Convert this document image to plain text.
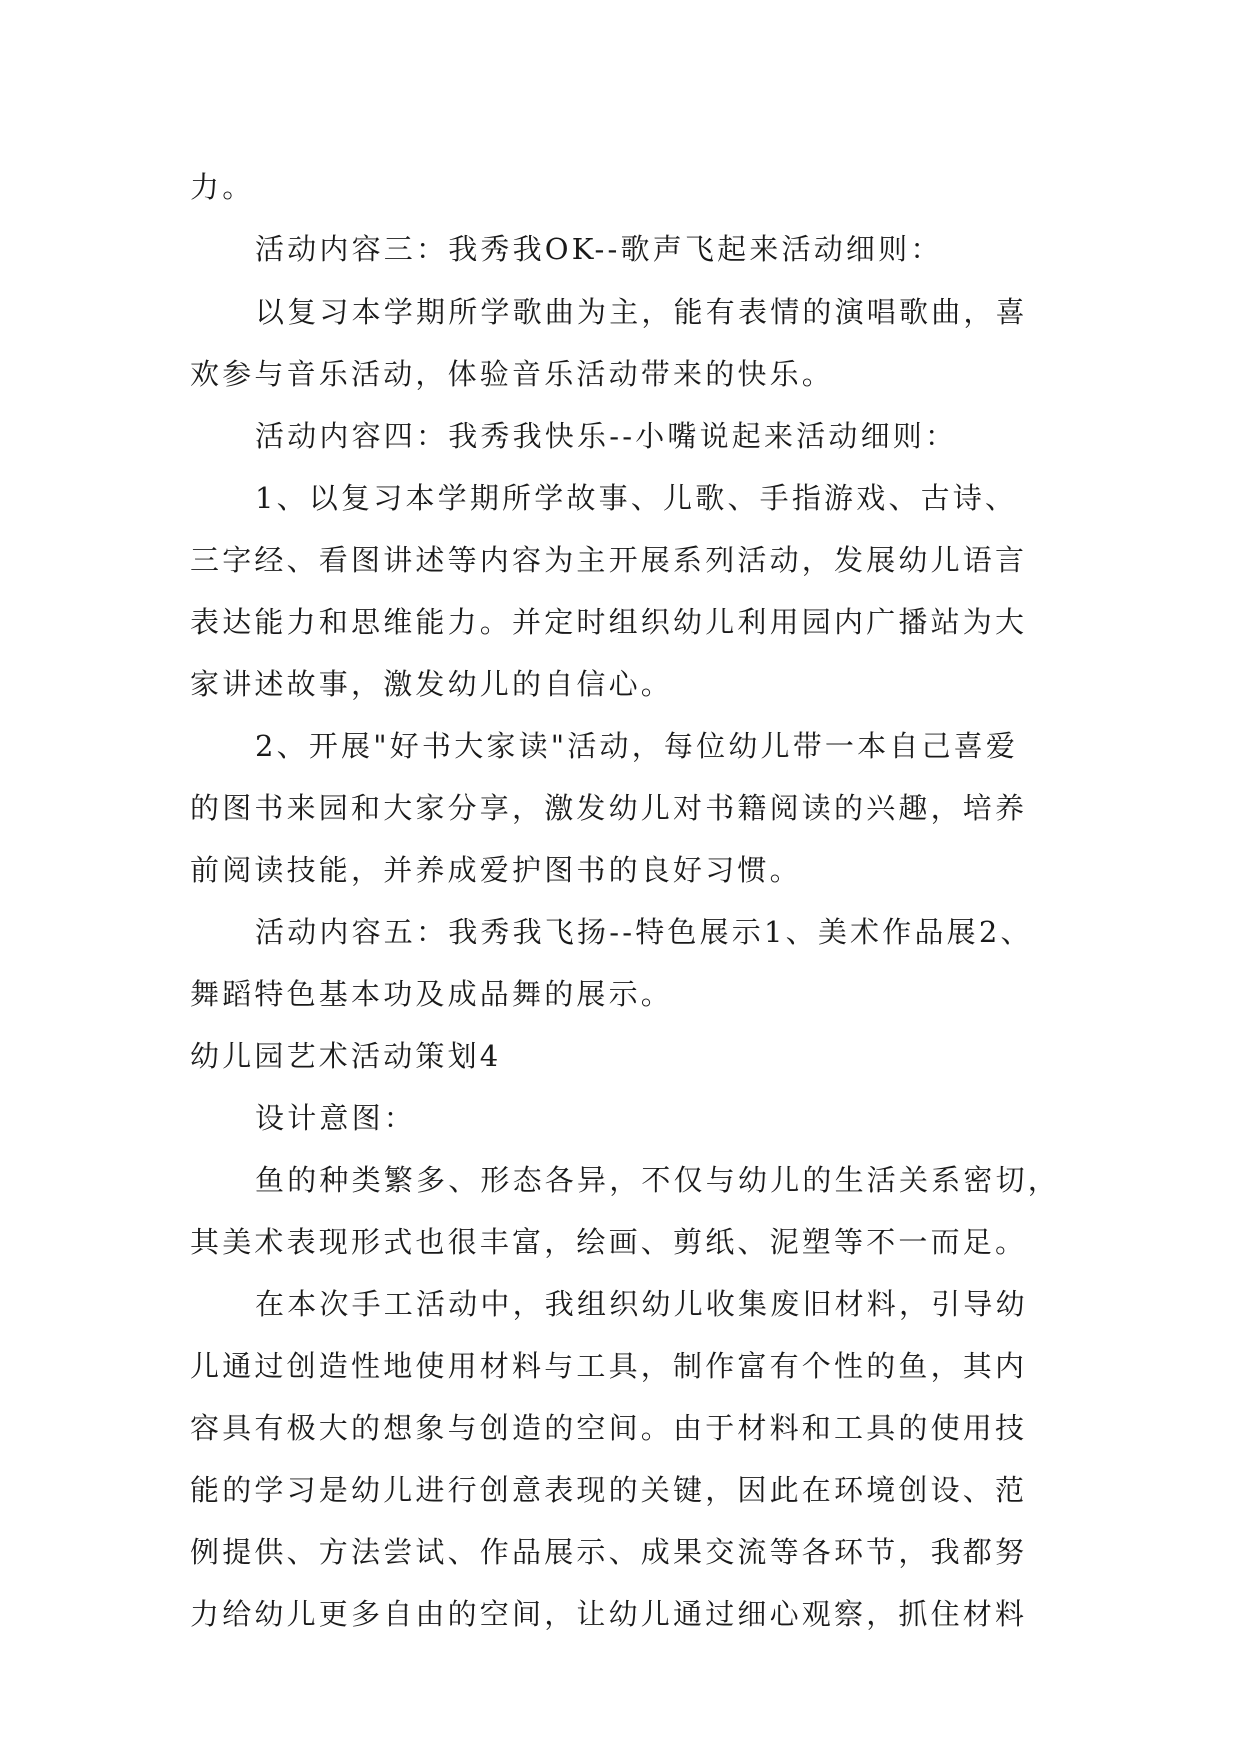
力。
活动内容三：我秀我OK--歌声飞起来活动细则：
以复习本学期所学歌曲为主，能有表情的演唱歌曲，喜
欢参与音乐活动，体验音乐活动带来的快乐。
活动内容四：我秀我快乐--小嘴说起来活动细则：
1、以复习本学期所学故事、儿歌、手指游戏、古诗、
三字经、看图讲述等内容为主开展系列活动，发展幼儿语言
表达能力和思维能力。并定时组织幼儿利用园内广播站为大
家讲述故事，激发幼儿的自信心。
2、开展"好书大家读"活动，每位幼儿带一本自己喜爱
的图书来园和大家分享，激发幼儿对书籍阅读的兴趣，培养
前阅读技能，并养成爱护图书的良好习惯。
活动内容五：我秀我飞扬--特色展示1、美术作品展2、
舞蹈特色基本功及成品舞的展示。
幼儿园艺术活动策划4
设计意图：
鱼的种类繁多、形态各异，不仅与幼儿的生活关系密切，
其美术表现形式也很丰富，绘画、剪纸、泥塑等不一而足。
在本次手工活动中，我组织幼儿收集废旧材料，引导幼
儿通过创造性地使用材料与工具，制作富有个性的鱼，其内
容具有极大的想象与创造的空间。由于材料和工具的使用技
能的学习是幼儿进行创意表现的关键，因此在环境创设、范
例提供、方法尝试、作品展示、成果交流等各环节，我都努
力给幼儿更多自由的空间，让幼儿通过细心观察，抓住材料
